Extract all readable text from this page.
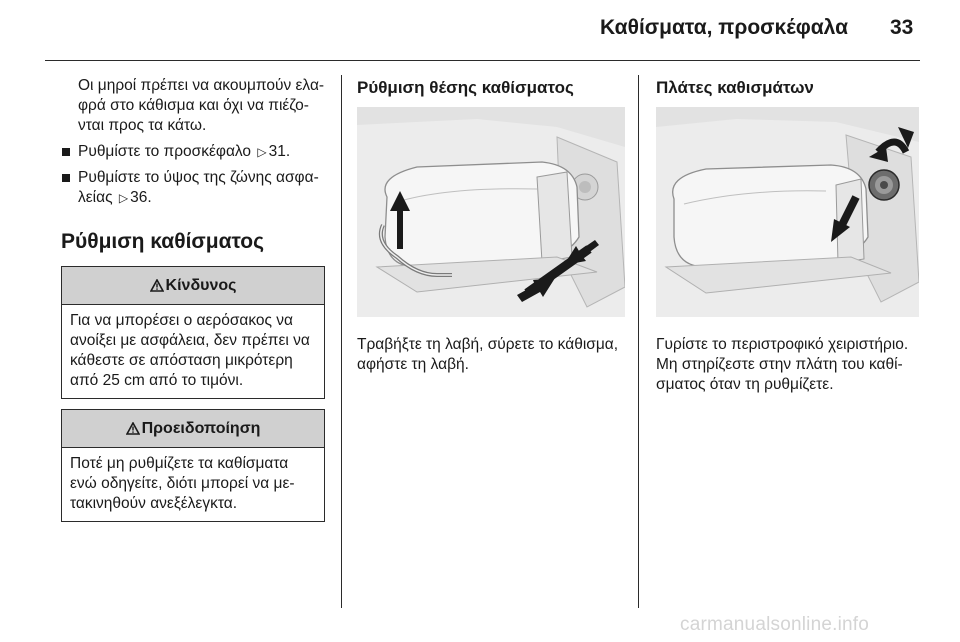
Καθίσματα, προσκέφαλα 33

Οι μηροί πρέπει να ακουμπούν ελα-

φρά στο κάθισμα και όχι να πιέζο-

νται προς τα κάτω.

Ρυθμίστε το προσκέφαλο ▷ 31.

Ρυθμίστε το ύψος της ζώνης ασφα-
λείας ▷ 36.

Ρύθμιση καθίσματος

Κίνδυνος

Για να μπορέσει ο αερόσακος να

ανοίξει με ασφάλεια, δεν πρέπει να

κάθεστε σε απόσταση μικρότερη

από 25 cm από το τιμόνι.

Προειδοποίηση

Ποτέ μη ρυθμίζετε τα καθίσματα

ενώ οδηγείτε, διότι μπορεί να με-

τακινηθούν ανεξέλεγκτα.

Ρύθμιση θέσης καθίσματος

Τραβήξτε τη λαβή, σύρετε το κάθισμα,

αφήστε τη λαβή.

Πλάτες καθισμάτων

Γυρίστε το περιστροφικό χειριστήριο.

Μη στηρίζεστε στην πλάτη του καθί-

σματος όταν τη ρυθμίζετε.

carmanualsonline.info
